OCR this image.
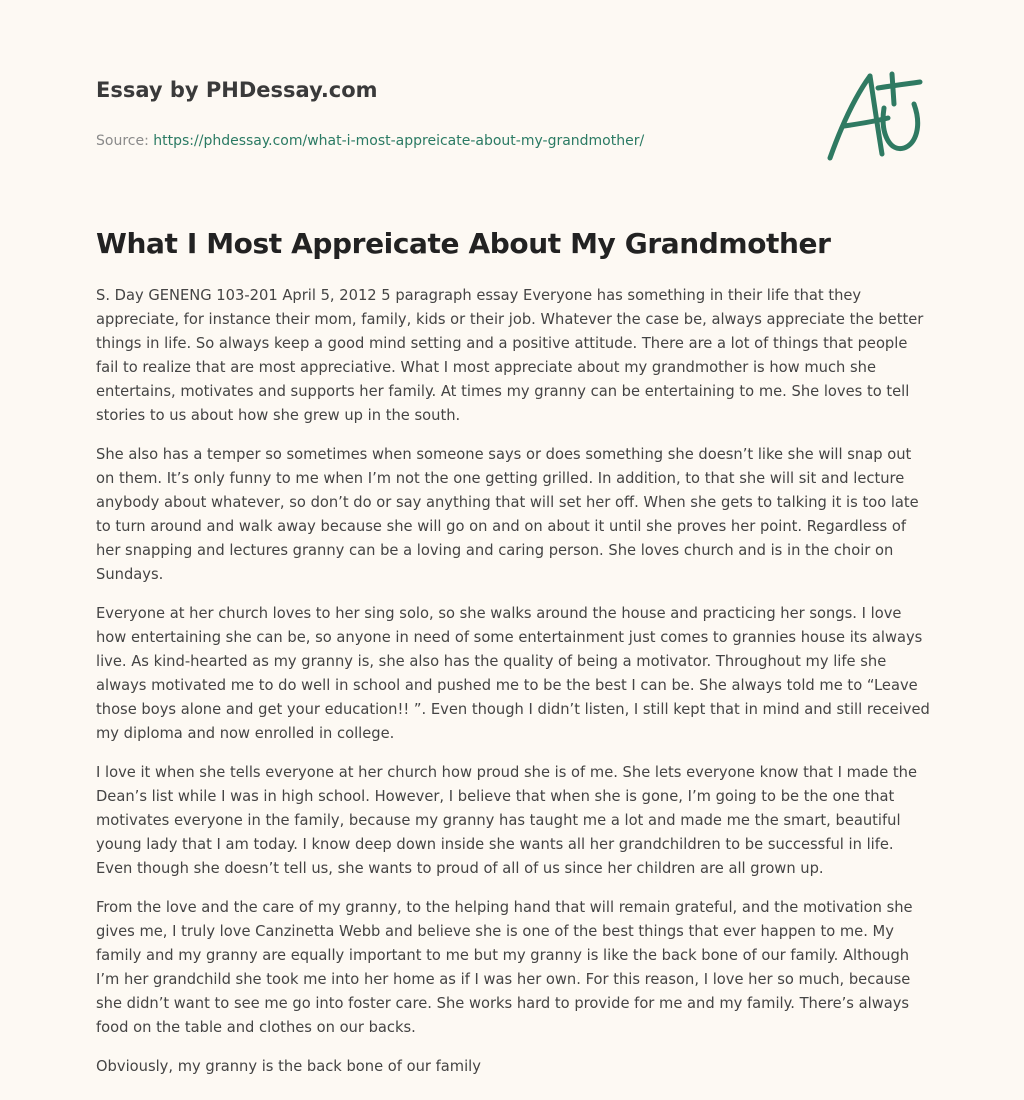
Essay by PHDessay.com
Source: https://phdessay.com/what-i-most-appreicate-about-my-grandmother/
What I Most Appreicate About My Grandmother

S. Day GENENG 103-201 April 5, 2012 5 paragraph essay Everyone has something in their life that they appreciate, for instance their mom, family, kids or their job. Whatever the case be, always appreciate the better things in life. So always keep a good mind setting and a positive attitude. There are a lot of things that people fail to realize that are most appreciative. What I most appreciate about my grandmother is how much she entertains, motivates and supports her family. At times my granny can be entertaining to me. She loves to tell stories to us about how she grew up in the south.

She also has a temper so sometimes when someone says or does something she doesn’t like she will snap out on them. It’s only funny to me when I’m not the one getting grilled. In addition, to that she will sit and lecture anybody about whatever, so don’t do or say anything that will set her off. When she gets to talking it is too late to turn around and walk away because she will go on and on about it until she proves her point. Regardless of her snapping and lectures granny can be a loving and caring person. She loves church and is in the choir on Sundays.

Everyone at her church loves to her sing solo, so she walks around the house and practicing her songs. I love how entertaining she can be, so anyone in need of some entertainment just comes to grannies house its always live. As kind-hearted as my granny is, she also has the quality of being a motivator. Throughout my life she always motivated me to do well in school and pushed me to be the best I can be. She always told me to “Leave those boys alone and get your education!! ”. Even though I didn’t listen, I still kept that in mind and still received my diploma and now enrolled in college.

I love it when she tells everyone at her church how proud she is of me. She lets everyone know that I made the Dean’s list while I was in high school. However, I believe that when she is gone, I’m going to be the one that motivates everyone in the family, because my granny has taught me a lot and made me the smart, beautiful young lady that I am today. I know deep down inside she wants all her grandchildren to be successful in life. Even though she doesn’t tell us, she wants to proud of all of us since her children are all grown up.

From the love and the care of my granny, to the helping hand that will remain grateful, and the motivation she gives me, I truly love Canzinetta Webb and believe she is one of the best things that ever happen to me. My family and my granny are equally important to me but my granny is like the back bone of our family. Although I’m her grandchild she took me into her home as if I was her own. For this reason, I love her so much, because she didn’t want to see me go into foster care. She works hard to provide for me and my family. There’s always food on the table and clothes on our backs.

Obviously, my granny is the back bone of our family
